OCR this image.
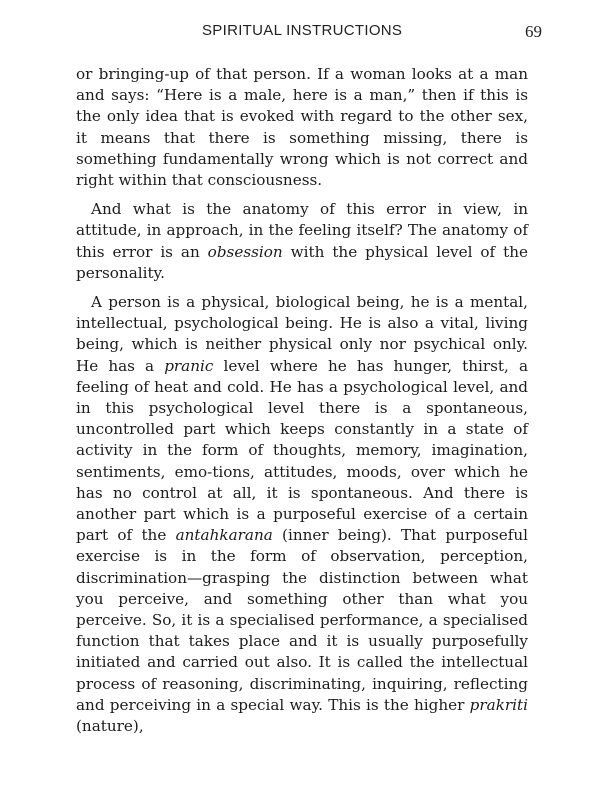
SPIRITUAL INSTRUCTIONS	69

or bringing-up of that person. If a woman looks at a man and says: “Here is a male, here is a man,” then if this is the only idea that is evoked with regard to the other sex, it means that there is something missing, there is something fundamentally wrong which is not correct and right within that consciousness.

And what is the anatomy of this error in view, in attitude, in approach, in the feeling itself? The anatomy of this error is an obsession with the physical level of the personality.

A person is a physical, biological being, he is a mental, intellectual, psychological being. He is also a vital, living being, which is neither physical only nor psychical only. He has a pranic level where he has hunger, thirst, a feeling of heat and cold. He has a psychological level, and in this psychological level there is a spontaneous, uncontrolled part which keeps constantly in a state of activity in the form of thoughts, memory, imagination, sentiments, emo-tions, attitudes, moods, over which he has no control at all, it is spontaneous. And there is another part which is a purposeful exercise of a certain part of the antahkarana (inner being). That purposeful exercise is in the form of observation, perception, discrimination—grasping the distinction between what you perceive, and something other than what you perceive. So, it is a specialised performance, a specialised function that takes place and it is usually purposefully initiated and carried out also. It is called the intellectual process of reasoning, discriminating, inquiring, reflecting and perceiving in a special way. This is the higher prakriti (nature),
